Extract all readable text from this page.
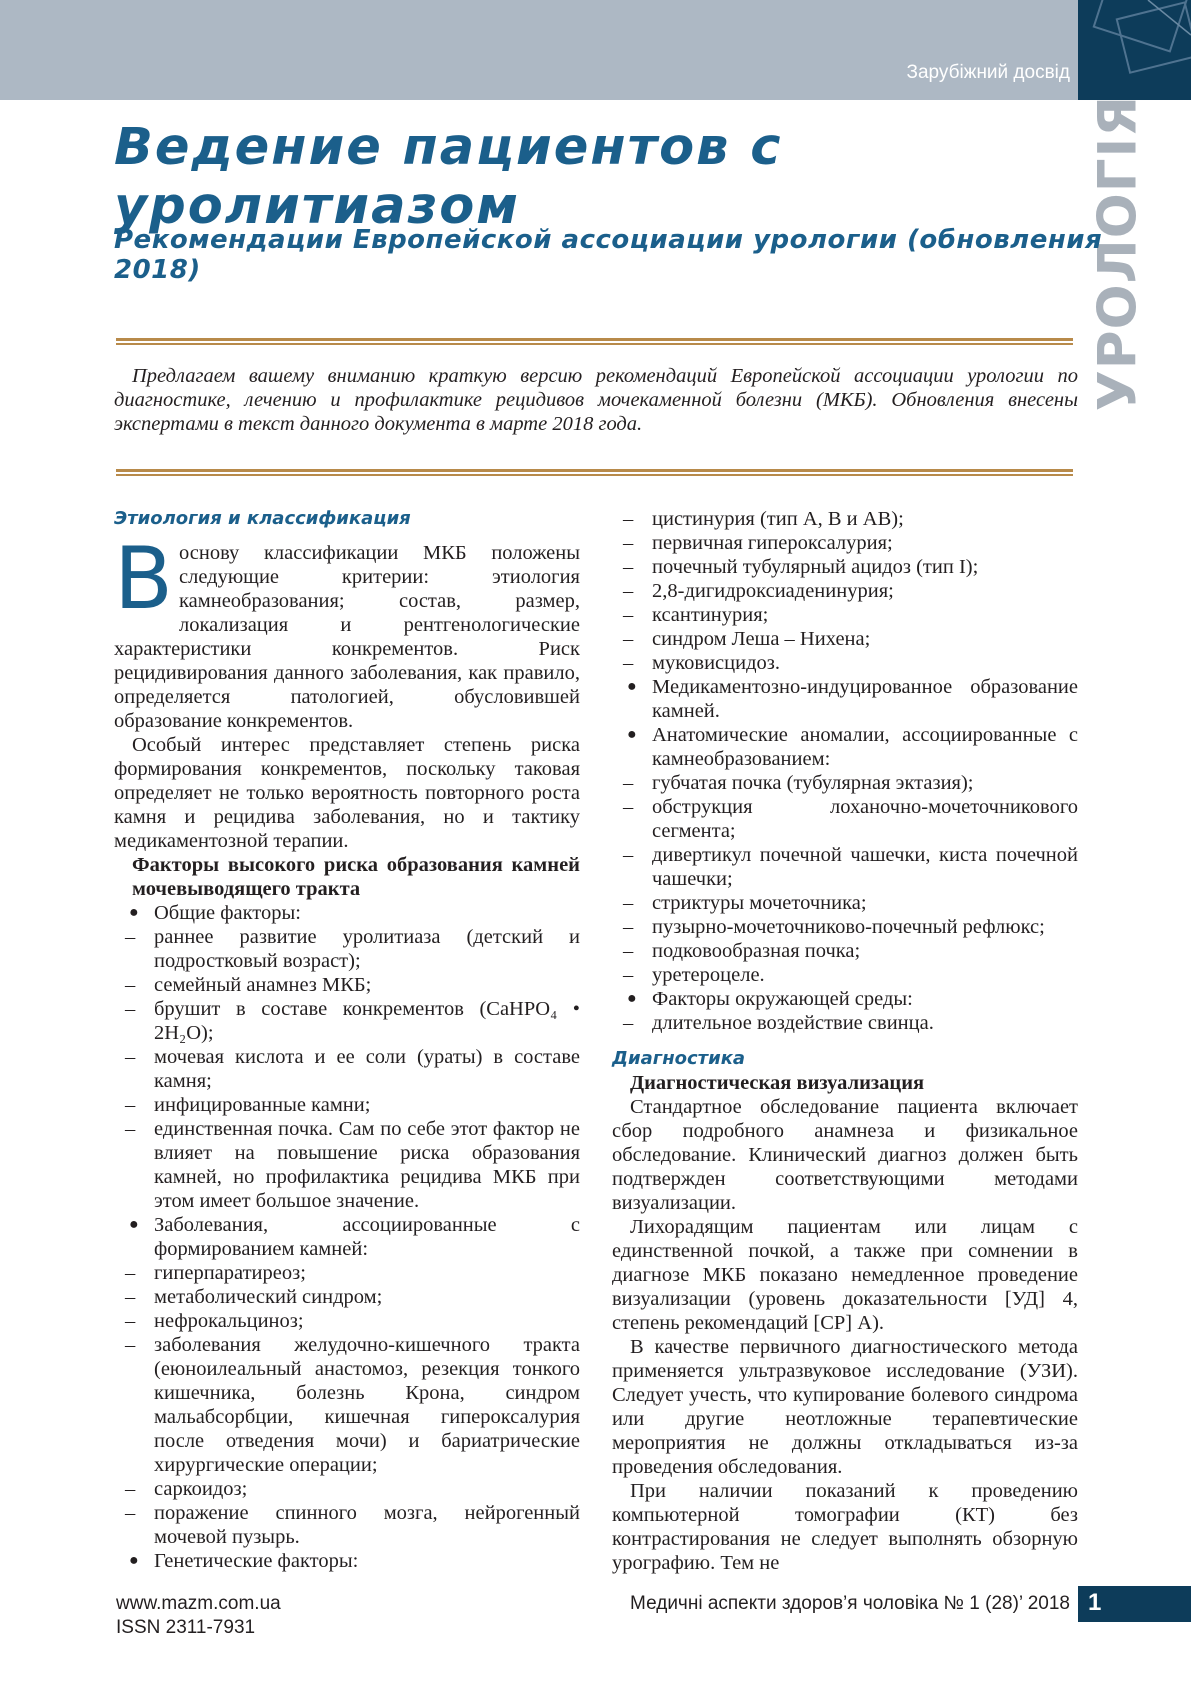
Зарубіжний досвід
УРОЛОГІЯ
Ведение пациентов с уролитиазом
Рекомендации Европейской ассоциации урологии (обновления 2018)

Предлагаем вашему вниманию краткую версию рекомендаций Европейской ассоциации урологии по диагностике, лечению и профилактике рецидивов мочекаменной болезни (МКБ). Обновления внесены экспертами в текст данного документа в марте 2018 года.

Этиология и классификация

В основу классификации МКБ положены следующие критерии: этиология камнеобразования; состав, размер, локализация и рентгенологические характеристики конкрементов. Риск рецидивирования данного заболевания, как правило, определяется патологией, обусловившей образование конкрементов.

Особый интерес представляет степень риска формирования конкрементов, поскольку таковая определяет не только вероятность повторного роста камня и рецидива заболевания, но и тактику медикаментозной терапии.

Факторы высокого риска образования камней мочевыводящего тракта

● Общие факторы:
– раннее развитие уролитиаза (детский и подростковый возраст);
– семейный анамнез МКБ;
– брушит в составе конкрементов (CaHPO₄ • 2H₂O);
– мочевая кислота и ее соли (ураты) в составе камня;
– инфицированные камни;
– единственная почка. Сам по себе этот фактор не влияет на повышение риска образования камней, но профилактика рецидива МКБ при этом имеет большое значение.
● Заболевания, ассоциированные с формированием камней:
– гиперпаратиреоз;
– метаболический синдром;
– нефрокальциноз;
– заболевания желудочно-кишечного тракта (еюноилеальный анастомоз, резекция тонкого кишечника, болезнь Крона, синдром мальабсорбции, кишечная гипероксалурия после отведения мочи) и бариатрические хирургические операции;
– саркоидоз;
– поражение спинного мозга, нейрогенный мочевой пузырь.
● Генетические факторы:
– цистинурия (тип А, В и АВ);
– первичная гипероксалурия;
– почечный тубулярный ацидоз (тип I);
– 2,8-дигидроксиаденинурия;
– ксантинурия;
– синдром Леша – Нихена;
– муковисцидоз.
● Медикаментозно-индуцированное образование камней.
● Анатомические аномалии, ассоциированные с камнеобразованием:
– губчатая почка (тубулярная эктазия);
– обструкция лоханочно-мочеточникового сегмента;
– дивертикул почечной чашечки, киста почечной чашечки;
– стриктуры мочеточника;
– пузырно-мочеточниково-почечный рефлюкс;
– подковообразная почка;
– уретероцеле.
● Факторы окружающей среды:
– длительное воздействие свинца.
Диагностика

Диагностическая визуализация

Стандартное обследование пациента включает сбор подробного анамнеза и физикальное обследование. Клинический диагноз должен быть подтвержден соответствующими методами визуализации.

Лихорадящим пациентам или лицам с единственной почкой, а также при сомнении в диагнозе МКБ показано немедленное проведение визуализации (уровень доказательности [УД] 4, степень рекомендаций [СР] А).

В качестве первичного диагностического метода применяется ультразвуковое исследование (УЗИ). Следует учесть, что купирование болевого синдрома или другие неотложные терапевтические мероприятия не должны откладываться из-за проведения обследования.

При наличии показаний к проведению компьютерной томографии (КТ) без контрастирования не следует выполнять обзорную урографию. Тем не

www.mazm.com.ua
ISSN 2311-7931
Медичні аспекти здоров’я чоловіка № 1 (28)’ 2018 1
